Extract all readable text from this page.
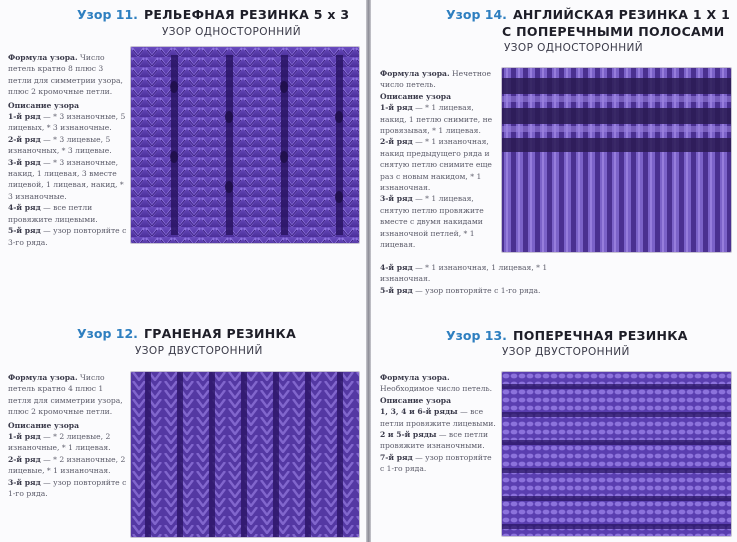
Узор 11. РЕЛЬЕФНАЯ РЕЗИНКА 5 x 3
УЗОР ОДНОСТОРОННИЙ

Формула узора. Число петель кратно 8 плюс 3 петли для симметрии узора, плюс 2 кромочные петли.

Описание узора

1-й ряд — * 3 изнаночные, 5 лицевых, * 3 изнаночные.

2-й ряд — * 3 лицевые, 5 изнаночных, * 3 лицевые.

3-й ряд — * 3 изнаночные, накид, 1 лицевая, 3 вместе лицевой, 1 лицевая, накид, * 3 изнаночные.

4-й ряд — все петли провяжите лицевыми.

5-й ряд — узор повторяйте с 3-го ряда.

Узор 12. ГРАНЕНАЯ РЕЗИНКА
УЗОР ДВУСТОРОННИЙ

Формула узора. Число петель кратно 4 плюс 1 петля для симметрии узора, плюс 2 кромочные петли.

Описание узора

1-й ряд — * 2 лицевые, 2 изнаночные, * 1 лицевая.

2-й ряд — * 2 изнаночные, 2 лицевые, * 1 изнаночная.

3-й ряд — узор повторяйте с 1-го ряда.

Узор 14. АНГЛИЙСКАЯ РЕЗИНКА 1 X 1
С ПОПЕРЕЧНЫМИ ПОЛОСАМИ
УЗОР ОДНОСТОРОННИЙ

Формула узора. Нечетное число петель.

Описание узора

1-й ряд — * 1 лицевая, накид, 1 петлю снимите, не провязывая, * 1 лицевая.

2-й ряд — * 1 изнаночная, накид предыдущего ряда и снятую петлю снимите еще раз с новым накидом, * 1 изнаночная.

3-й ряд — * 1 лицевая, снятую петлю провяжите вместе с двумя накидами изнаночной петлей, * 1 лицевая.

4-й ряд — * 1 изнаночная, 1 лицевая, * 1 изнаночная.

5-й ряд — узор повторяйте с 1-го ряда.

Узор 13. ПОПЕРЕЧНАЯ РЕЗИНКА
УЗОР ДВУСТОРОННИЙ

Формула узора. Необходимое число петель.

Описание узора

1, 3, 4 и 6-й ряды — все петли провяжите лицевыми.

2 и 5-й ряды — все петли провяжите изнаночными.

7-й ряд — узор повторяйте с 1-го ряда.
